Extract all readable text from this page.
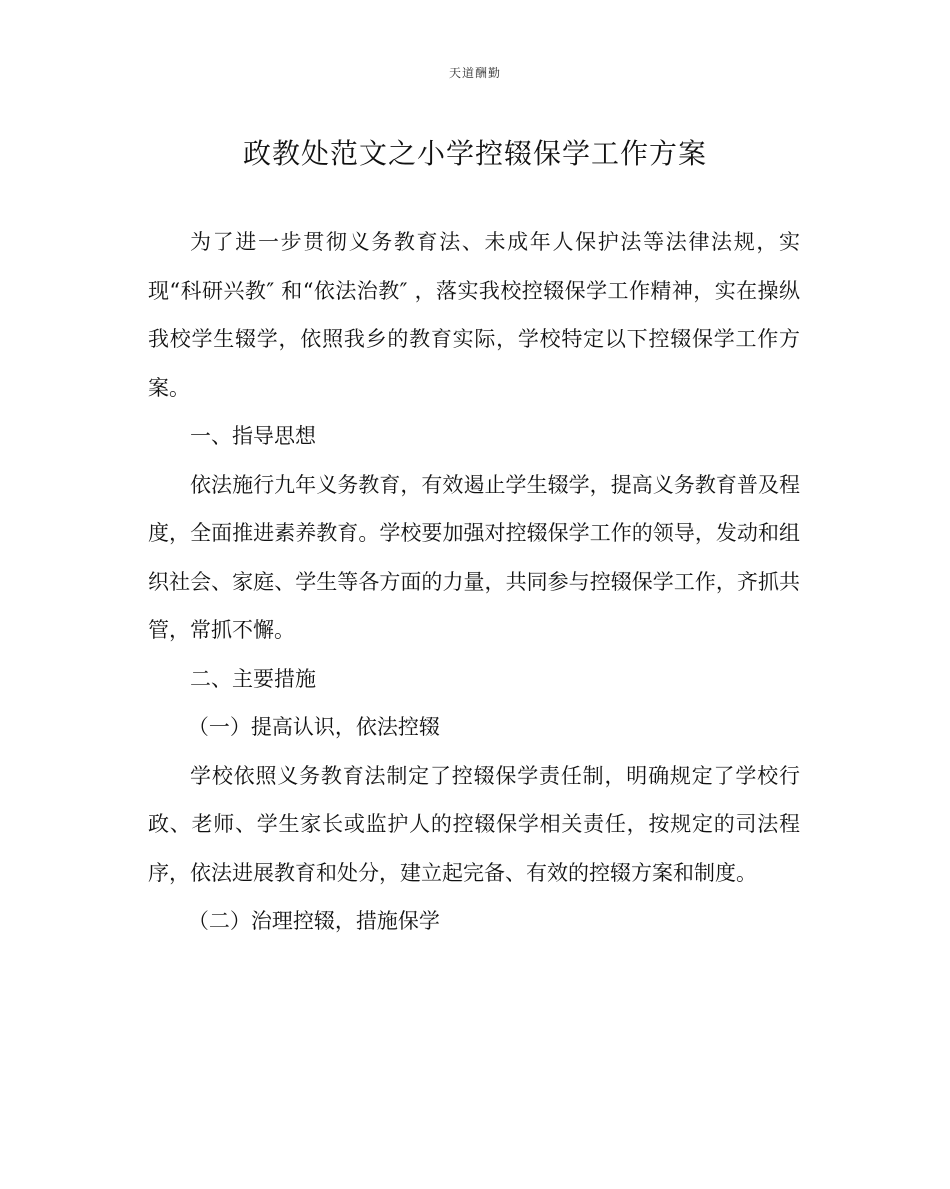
天道酬勤
政教处范文之小学控辍保学工作方案

为了进一步贯彻义务教育法、未成年人保护法等法律法规，实现“科研兴教″ 和“依法治教″ ，落实我校控辍保学工作精神，实在操纵我校学生辍学，依照我乡的教育实际，学校特定以下控辍保学工作方案。

一、指导思想

依法施行九年义务教育，有效遏止学生辍学，提高义务教育普及程度，全面推进素养教育。学校要加强对控辍保学工作的领导，发动和组织社会、家庭、学生等各方面的力量，共同参与控辍保学工作，齐抓共管，常抓不懈。

二、主要措施

（一）提高认识，依法控辍

学校依照义务教育法制定了控辍保学责任制，明确规定了学校行政、老师、学生家长或监护人的控辍保学相关责任，按规定的司法程序，依法进展教育和处分，建立起完备、有效的控辍方案和制度。

（二）治理控辍，措施保学
